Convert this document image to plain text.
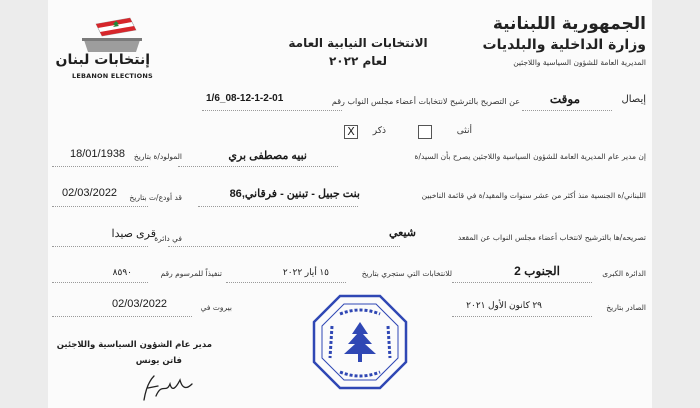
إنتخابات لبنان
LEBANON ELECTIONS
الانتخابات النيابية العامة
لعام ٢٠٢٢
الجمهورية اللبنانية
وزارة الداخلية والبلديات
المديرية العامة للشؤون السياسية واللاجئين
إيصال
موقت
عن التصريح بالترشيح لانتخابات أعضاء مجلس النواب رقم
1/6_08-12-1-2-01
أنثى
ذكر
X
إن مدير عام المديرية العامة للشؤون السياسية واللاجئين يصرح بأن السيد/ة
نبيه مصطفى بري
المولود/ة بتاريخ
18/01/1938
اللبناني/ة الجنسية منذ أكثر من عشر سنوات والمقيد/ة في قائمة الناخبين
بنت جبيل - تبنين - فرقاني,86
قد أودع/ت بتاريخ
02/03/2022
تصريحه/ها بالترشيح لانتخاب أعضاء مجلس النواب عن المقعد
شيعي
في دائرة
قرى صيدا
الدائرة الكبرى
الجنوب 2
للانتخابات التي ستجري بتاريخ
١٥ أيار ٢٠٢٢
تنفيذاً للمرسوم رقم
٨٥٩٠
الصادر بتاريخ
٢٩ كانون الأول ٢٠٢١
بيروت في
02/03/2022
مدير عام الشؤون السياسية واللاجئين
فاتن يونس
